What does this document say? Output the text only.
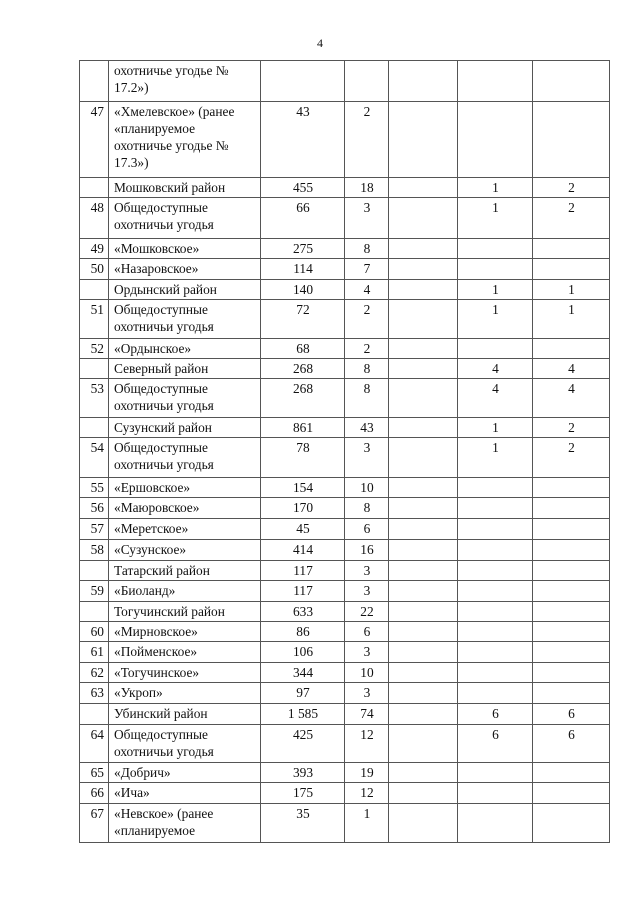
4
	охотничье угодье № 17.2»)					
47	«Хмелевское» (ранее «планируемое охотничье угодье № 17.3»)	43	2			
	Мошковский район	455	18		1	2
48	Общедоступные охотничьи угодья	66	3		1	2
49	«Мошковское»	275	8			
50	«Назаровское»	114	7			
	Ордынский район	140	4		1	1
51	Общедоступные охотничьи угодья	72	2		1	1
52	«Ордынское»	68	2			
	Северный район	268	8		4	4
53	Общедоступные охотничьи угодья	268	8		4	4
	Сузунский район	861	43		1	2
54	Общедоступные охотничьи угодья	78	3		1	2
55	«Ершовское»	154	10			
56	«Маюровское»	170	8			
57	«Меретское»	45	6			
58	«Сузунское»	414	16			
	Татарский район	117	3			
59	«Биоланд»	117	3			
	Тогучинский район	633	22			
60	«Мирновское»	86	6			
61	«Пойменское»	106	3			
62	«Тогучинское»	344	10			
63	«Укроп»	97	3			
	Убинский район	1 585	74		6	6
64	Общедоступные охотничьи угодья	425	12		6	6
65	«Добрич»	393	19			
66	«Ича»	175	12			
67	«Невское» (ранее «планируемое	35	1			
